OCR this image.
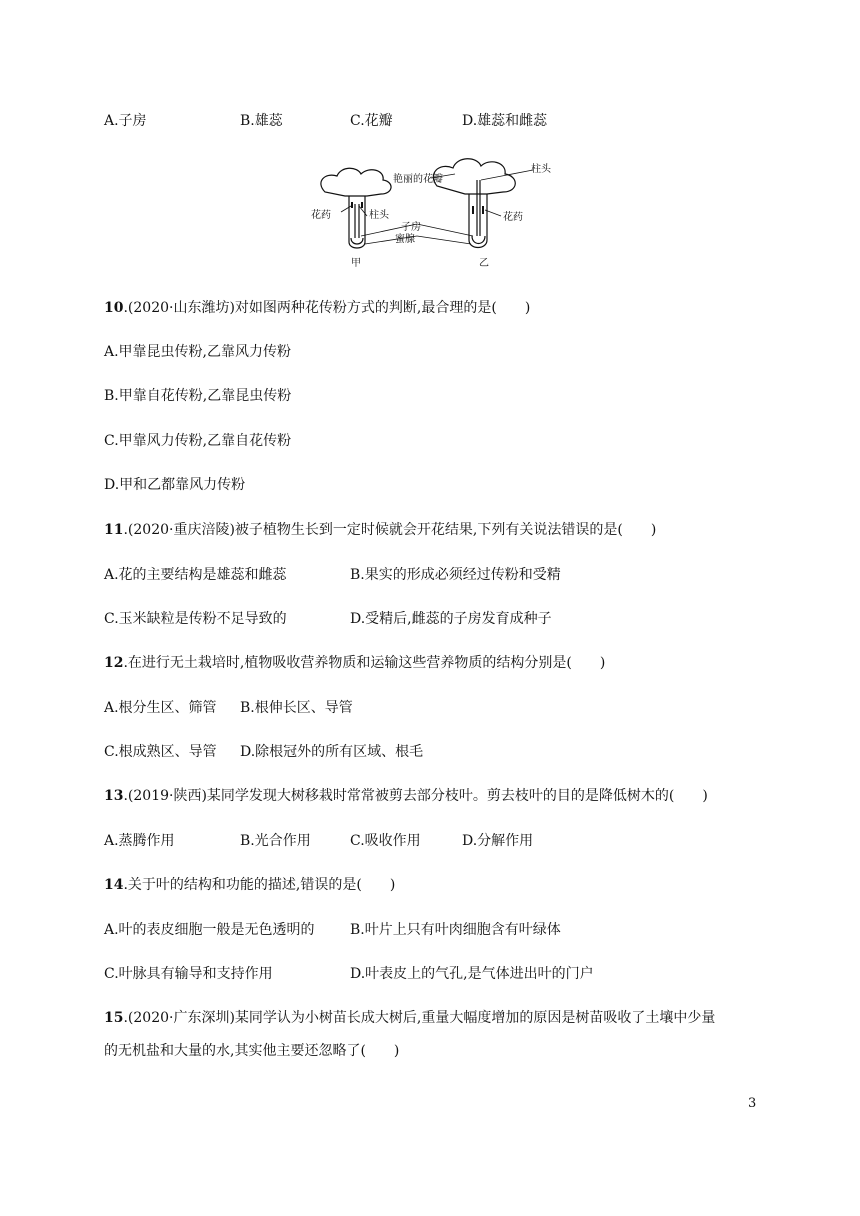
A.子房	B.雄蕊	C.花瓣	D.雄蕊和雌蕊
艳丽的花瓣
柱头
花药	柱头
子房
蜜腺
花药
甲	乙
10.(2020·山东潍坊)对如图两种花传粉方式的判断,最合理的是(　　)
A.甲靠昆虫传粉,乙靠风力传粉
B.甲靠自花传粉,乙靠昆虫传粉
C.甲靠风力传粉,乙靠自花传粉
D.甲和乙都靠风力传粉
11.(2020·重庆涪陵)被子植物生长到一定时候就会开花结果,下列有关说法错误的是(　　)
A.花的主要结构是雄蕊和雌蕊	B.果实的形成必须经过传粉和受精
C.玉米缺粒是传粉不足导致的	D.受精后,雌蕊的子房发育成种子
12.在进行无土栽培时,植物吸收营养物质和运输这些营养物质的结构分别是(　　)
A.根分生区、筛管 B.根伸长区、导管
C.根成熟区、导管 D.除根冠外的所有区域、根毛
13.(2019·陕西)某同学发现大树移栽时常常被剪去部分枝叶。剪去枝叶的目的是降低树木的(　　)
A.蒸腾作用	B.光合作用	C.吸收作用	D.分解作用
14.关于叶的结构和功能的描述,错误的是(　　)
A.叶的表皮细胞一般是无色透明的	B.叶片上只有叶肉细胞含有叶绿体
C.叶脉具有输导和支持作用	D.叶表皮上的气孔,是气体进出叶的门户
15.(2020·广东深圳)某同学认为小树苗长成大树后,重量大幅度增加的原因是树苗吸收了土壤中少量
的无机盐和大量的水,其实他主要还忽略了(　　)
3
